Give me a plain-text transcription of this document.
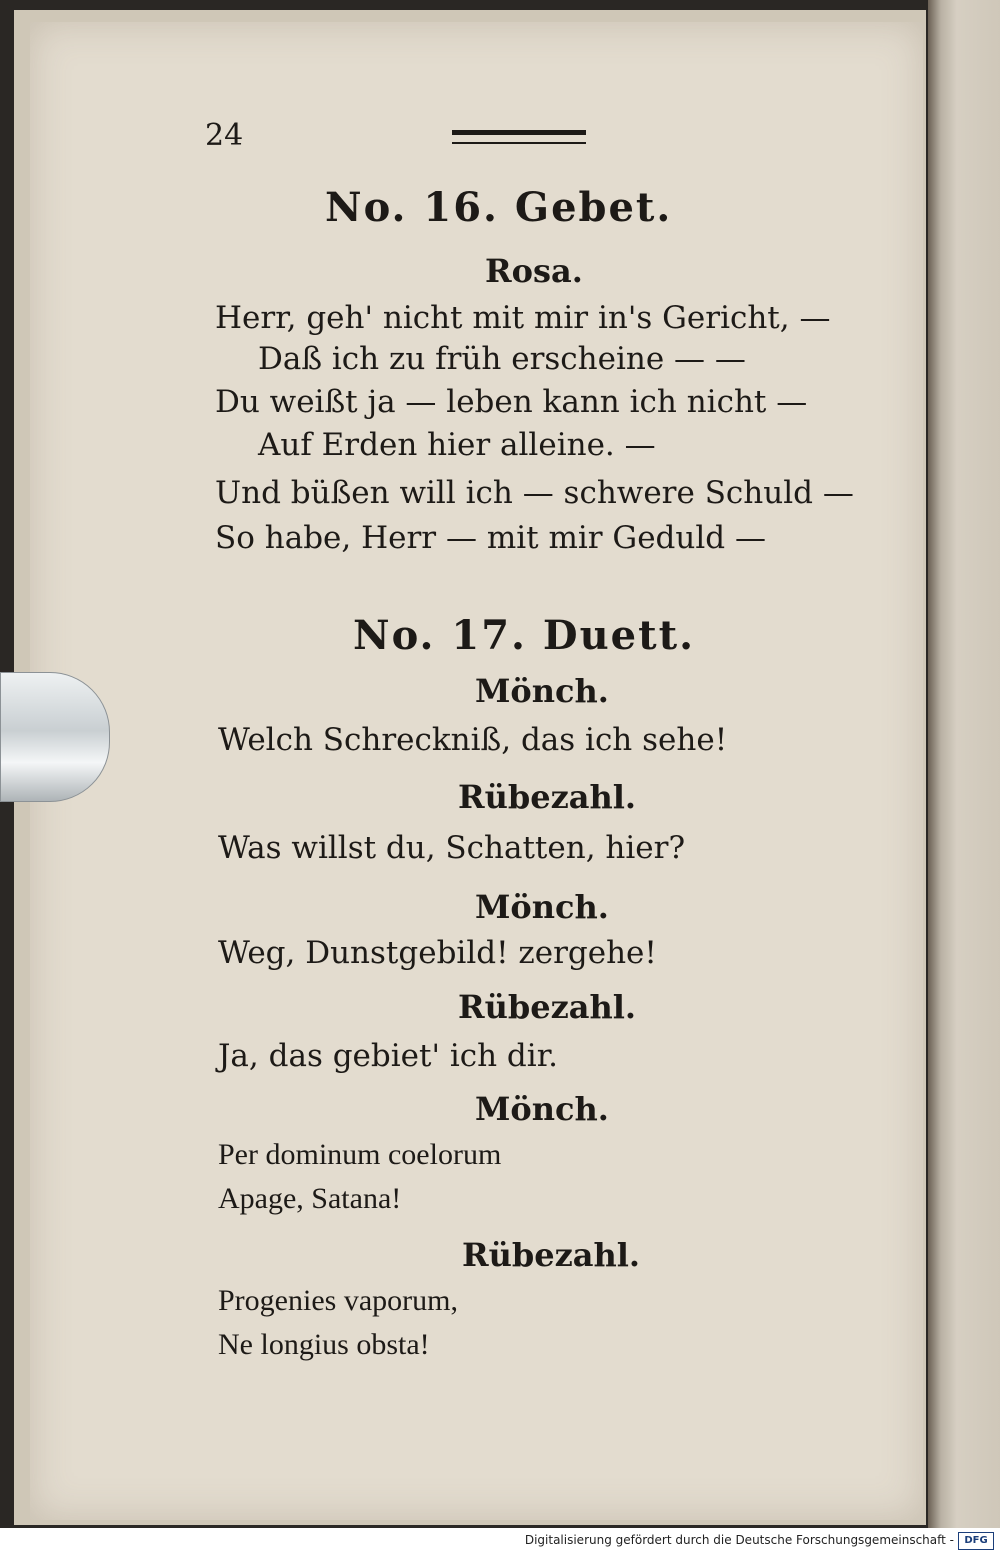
24
No. 16. Gebet.
Rosa.
Herr, geh' nicht mit mir in's Gericht, —
Daß ich zu früh erscheine — —
Du weißt ja — leben kann ich nicht —
Auf Erden hier alleine. —
Und büßen will ich — schwere Schuld —
So habe, Herr — mit mir Geduld —
No. 17. Duett.
Mönch.
Welch Schreckniß, das ich sehe!
Rübezahl.
Was willst du, Schatten, hier?
Mönch.
Weg, Dunstgebild! zergehe!
Rübezahl.
Ja, das gebiet' ich dir.
Mönch.
Per dominum coelorum
Apage, Satana!
Rübezahl.
Progenies vaporum,
Ne longius obsta!
Digitalisierung gefördert durch die Deutsche Forschungsgemeinschaft -	DFG
